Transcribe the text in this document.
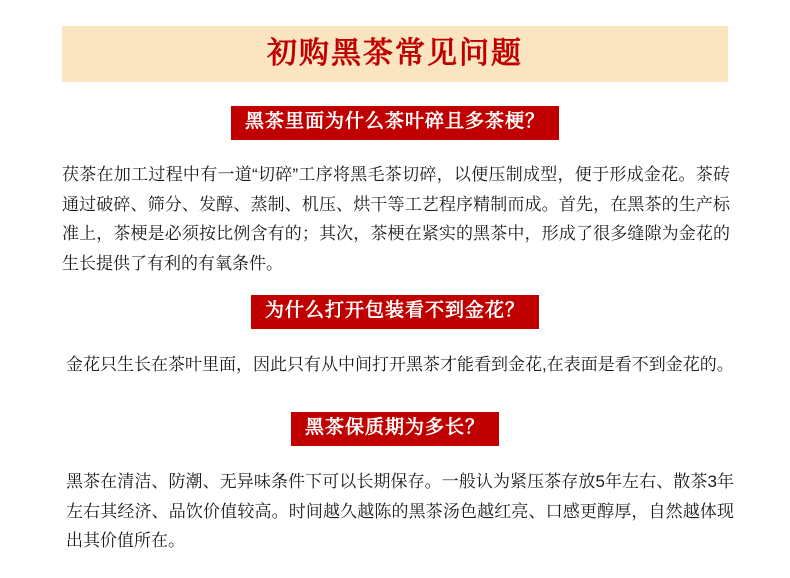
初购黑茶常见问题
黑茶里面为什么茶叶碎且多茶梗？
茯茶在加工过程中有一道“切碎”工序将黑毛茶切碎，以便压制成型，便于形成金花。茶砖通过破碎、筛分、发醇、蒸制、机压、烘干等工艺程序精制而成。首先，在黑茶的生产标准上，茶梗是必须按比例含有的；其次，茶梗在紧实的黑茶中，形成了很多缝隙为金花的生长提供了有利的有氧条件。
为什么打开包装看不到金花？
金花只生长在茶叶里面，因此只有从中间打开黑茶才能看到金花,在表面是看不到金花的。
黑茶保质期为多长？
黑茶在清洁、防潮、无异味条件下可以长期保存。一般认为紧压茶存放5年左右、散茶3年左右其经济、品饮价值较高。时间越久越陈的黑茶汤色越红亮、口感更醇厚，自然越体现出其价值所在。
